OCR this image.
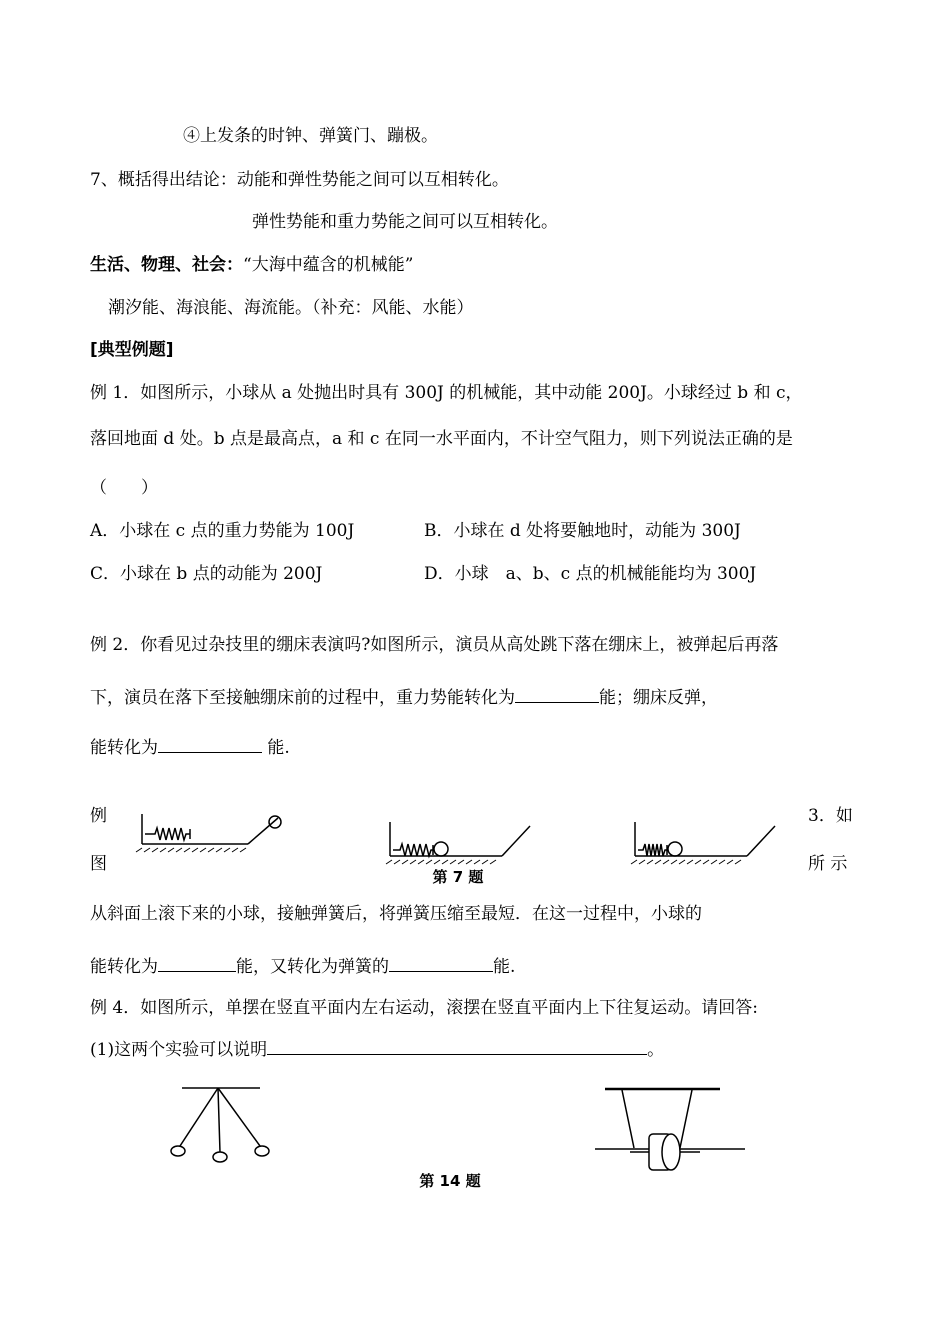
④上发条的时钟、弹簧门、蹦极。
7、概括得出结论：动能和弹性势能之间可以互相转化。
弹性势能和重力势能之间可以互相转化。
生活、物理、社会：“大海中蕴含的机械能”
潮汐能、海浪能、海流能。（补充：风能、水能）
[典型例题]
例 1．如图所示，小球从 a 处抛出时具有 300J 的机械能，其中动能 200J。小球经过 b 和 c，
落回地面 d 处。b 点是最高点，a 和 c 在同一水平面内，不计空气阻力，则下列说法正确的是
（　　）
A．小球在 c 点的重力势能为 100J	B．小球在 d 处将要触地时，动能为 300J
C．小球在 b 点的动能为 200J	D．小球　a、b、c 点的机械能能均为 300J
例 2．你看见过杂技里的绷床表演吗?如图所示，演员从高处跳下落在绷床上，被弹起后再落
下，演员在落下至接触绷床前的过程中，重力势能转化为	能；绷床反弹，
能转化为	能.
例
图
3．如
所 示
第 7 题
从斜面上滚下来的小球，接触弹簧后，将弹簧压缩至最短．在这一过程中，小球的
能转化为	能，又转化为弹簧的	能.
例 4．如图所示，单摆在竖直平面内左右运动，滚摆在竖直平面内上下往复运动。请回答:
(1)这两个实验可以说明	。
第 14 题
